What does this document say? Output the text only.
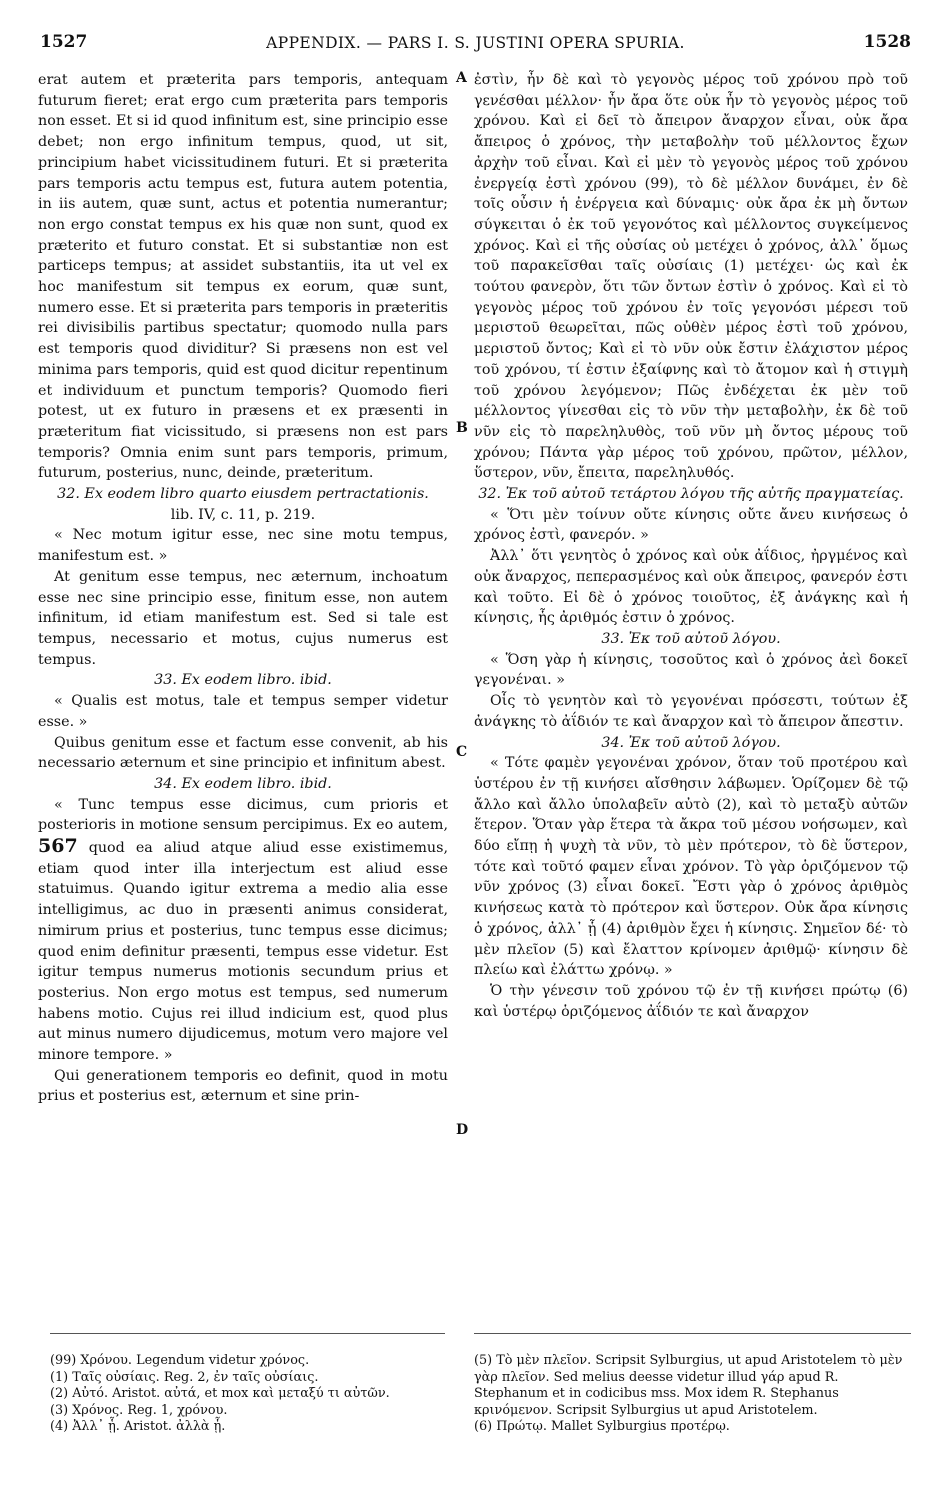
1527	APPENDIX. — PARS I. S. JUSTINI OPERA SPURIA.	1528
A
B
C
D

erat autem et præterita pars temporis, antequam futurum fieret; erat ergo cum præterita pars temporis non esset. Et si id quod infinitum est, sine principio esse debet; non ergo infinitum tempus, quod, ut sit, principium habet vicissitudinem futuri. Et si præterita pars temporis actu tempus est, futura autem potentia, in iis autem, quæ sunt, actus et potentia numerantur; non ergo constat tempus ex his quæ non sunt, quod ex præterito et futuro constat. Et si substantiæ non est particeps tempus; at assidet substantiis, ita ut vel ex hoc manifestum sit tempus ex eorum, quæ sunt, numero esse. Et si præterita pars temporis in præteritis rei divisibilis partibus spectatur; quomodo nulla pars est temporis quod dividitur? Si præsens non est vel minima pars temporis, quid est quod dicitur repentinum et individuum et punctum temporis? Quomodo fieri potest, ut ex futuro in præsens et ex præsenti in præteritum fiat vicissitudo, si præsens non est pars temporis? Omnia enim sunt pars temporis, primum, futurum, posterius, nunc, deinde, præteritum.

32. Ex eodem libro quarto eiusdem pertractationis.

lib. IV, c. 11, p. 219.

« Nec motum igitur esse, nec sine motu tempus, manifestum est. »

At genitum esse tempus, nec æternum, inchoatum esse nec sine principio esse, finitum esse, non autem infinitum, id etiam manifestum est. Sed si tale est tempus, necessario et motus, cujus numerus est tempus.

33. Ex eodem libro. ibid.

« Qualis est motus, tale et tempus semper videtur esse. »

Quibus genitum esse et factum esse convenit, ab his necessario æternum et sine principio et infinitum abest.

34. Ex eodem libro. ibid.

« Tunc tempus esse dicimus, cum prioris et posterioris in motione sensum percipimus. Ex eo autem, 567 quod ea aliud atque aliud esse existimemus, etiam quod inter illa interjectum est aliud esse statuimus. Quando igitur extrema a medio alia esse intelligimus, ac duo in præsenti animus considerat, nimirum prius et posterius, tunc tempus esse dicimus; quod enim definitur præsenti, tempus esse videtur. Est igitur tempus numerus motionis secundum prius et posterius. Non ergo motus est tempus, sed numerum habens motio. Cujus rei illud indicium est, quod plus aut minus numero dijudicemus, motum vero majore vel minore tempore. »

Qui generationem temporis eo definit, quod in motu prius et posterius est, æternum et sine prin-

ἐστὶν, ἦν δὲ καὶ τὸ γεγονὸς μέρος τοῦ χρόνου πρὸ τοῦ γενέσθαι μέλλον· ἦν ἄρα ὅτε οὐκ ἦν τὸ γεγονὸς μέρος τοῦ χρόνου. Καὶ εἰ δεῖ τὸ ἄπειρον ἄναρχον εἶναι, οὐκ ἄρα ἄπειρος ὁ χρόνος, τὴν μεταβολὴν τοῦ μέλλοντος ἔχων ἀρχὴν τοῦ εἶναι. Καὶ εἰ μὲν τὸ γεγονὸς μέρος τοῦ χρόνου ἐνεργείᾳ ἐστὶ χρόνου (99), τὸ δὲ μέλλον δυνάμει, ἐν δὲ τοῖς οὖσιν ἡ ἐνέργεια καὶ δύναμις· οὐκ ἄρα ἐκ μὴ ὄντων σύγκειται ὁ ἐκ τοῦ γεγονότος καὶ μέλλοντος συγκείμενος χρόνος. Καὶ εἰ τῆς οὐσίας οὐ μετέχει ὁ χρόνος, ἀλλ᾽ ὅμως τοῦ παρακεῖσθαι ταῖς οὐσίαις (1) μετέχει· ὡς καὶ ἐκ τούτου φανερὸν, ὅτι τῶν ὄντων ἐστὶν ὁ χρόνος. Καὶ εἰ τὸ γεγονὸς μέρος τοῦ χρόνου ἐν τοῖς γεγονόσι μέρεσι τοῦ μεριστοῦ θεωρεῖται, πῶς οὐθὲν μέρος ἐστὶ τοῦ χρόνου, μεριστοῦ ὄντος; Καὶ εἰ τὸ νῦν οὐκ ἔστιν ἐλάχιστον μέρος τοῦ χρόνου, τί ἐστιν ἐξαίφνης καὶ τὸ ἄτομον καὶ ἡ στιγμὴ τοῦ χρόνου λεγόμενον; Πῶς ἐνδέχεται ἐκ μὲν τοῦ μέλλοντος γίνεσθαι εἰς τὸ νῦν τὴν μεταβολὴν, ἐκ δὲ τοῦ νῦν εἰς τὸ παρεληλυθὸς, τοῦ νῦν μὴ ὄντος μέρους τοῦ χρόνου; Πάντα γὰρ μέρος τοῦ χρόνου, πρῶτον, μέλλον, ὕστερον, νῦν, ἔπειτα, παρεληλυθός.

32. Ἐκ τοῦ αὐτοῦ τετάρτου λόγου τῆς αὐτῆς πραγματείας.

« Ὅτι μὲν τοίνυν οὔτε κίνησις οὔτε ἄνευ κινήσεως ὁ χρόνος ἐστὶ, φανερόν. »

Ἀλλ᾽ ὅτι γενητὸς ὁ χρόνος καὶ οὐκ ἀΐδιος, ἠργμένος καὶ οὐκ ἄναρχος, πεπερασμένος καὶ οὐκ ἄπειρος, φανερόν ἐστι καὶ τοῦτο. Εἰ δὲ ὁ χρόνος τοιοῦτος, ἐξ ἀνάγκης καὶ ἡ κίνησις, ἧς ἀριθμός ἐστιν ὁ χρόνος.

33. Ἐκ τοῦ αὐτοῦ λόγου.

« Ὅση γὰρ ἡ κίνησις, τοσοῦτος καὶ ὁ χρόνος ἀεὶ δοκεῖ γεγονέναι. »

Οἷς τὸ γενητὸν καὶ τὸ γεγονέναι πρόσεστι, τούτων ἐξ ἀνάγκης τὸ ἀΐδιόν τε καὶ ἄναρχον καὶ τὸ ἄπειρον ἄπεστιν.

34. Ἐκ τοῦ αὐτοῦ λόγου.

« Τότε φαμὲν γεγονέναι χρόνον, ὅταν τοῦ προτέρου καὶ ὑστέρου ἐν τῇ κινήσει αἴσθησιν λάβωμεν. Ὁρίζομεν δὲ τῷ ἄλλο καὶ ἄλλο ὑπολαβεῖν αὐτὸ (2), καὶ τὸ μεταξὺ αὐτῶν ἕτερον. Ὅταν γὰρ ἕτερα τὰ ἄκρα τοῦ μέσου νοήσωμεν, καὶ δύο εἴπῃ ἡ ψυχὴ τὰ νῦν, τὸ μὲν πρότερον, τὸ δὲ ὕστερον, τότε καὶ τοῦτό φαμεν εἶναι χρόνον. Τὸ γὰρ ὁριζόμενον τῷ νῦν χρόνος (3) εἶναι δοκεῖ. Ἔστι γὰρ ὁ χρόνος ἀριθμὸς κινήσεως κατὰ τὸ πρότερον καὶ ὕστερον. Οὐκ ἄρα κίνησις ὁ χρόνος, ἀλλ᾽ ᾗ (4) ἀριθμὸν ἔχει ἡ κίνησις. Σημεῖον δέ· τὸ μὲν πλεῖον (5) καὶ ἔλαττον κρίνομεν ἀριθμῷ· κίνησιν δὲ πλείω καὶ ἐλάττω χρόνῳ. »

Ὁ τὴν γένεσιν τοῦ χρόνου τῷ ἐν τῇ κινήσει πρώτῳ (6) καὶ ὑστέρῳ ὁριζόμενος ἀΐδιόν τε καὶ ἄναρχον

(99) Χρόνου. Legendum videtur χρόνος.

(1) Ταῖς οὐσίαις. Reg. 2, ἐν ταῖς οὐσίαις.

(2) Αὐτό. Aristot. αὐτά, et mox καὶ μεταξύ τι αὐτῶν.

(3) Χρόνος. Reg. 1, χρόνου.

(4) Ἀλλ᾽ ᾗ. Aristot. ἀλλὰ ᾗ.

(5) Τὸ μὲν πλεῖον. Scripsit Sylburgius, ut apud Aristotelem τὸ μὲν γὰρ πλεῖον. Sed melius deesse videtur illud γάρ apud R. Stephanum et in codicibus mss. Mox idem R. Stephanus κρινόμενον. Scripsit Sylburgius ut apud Aristotelem.

(6) Πρώτῳ. Mallet Sylburgius προτέρῳ.
